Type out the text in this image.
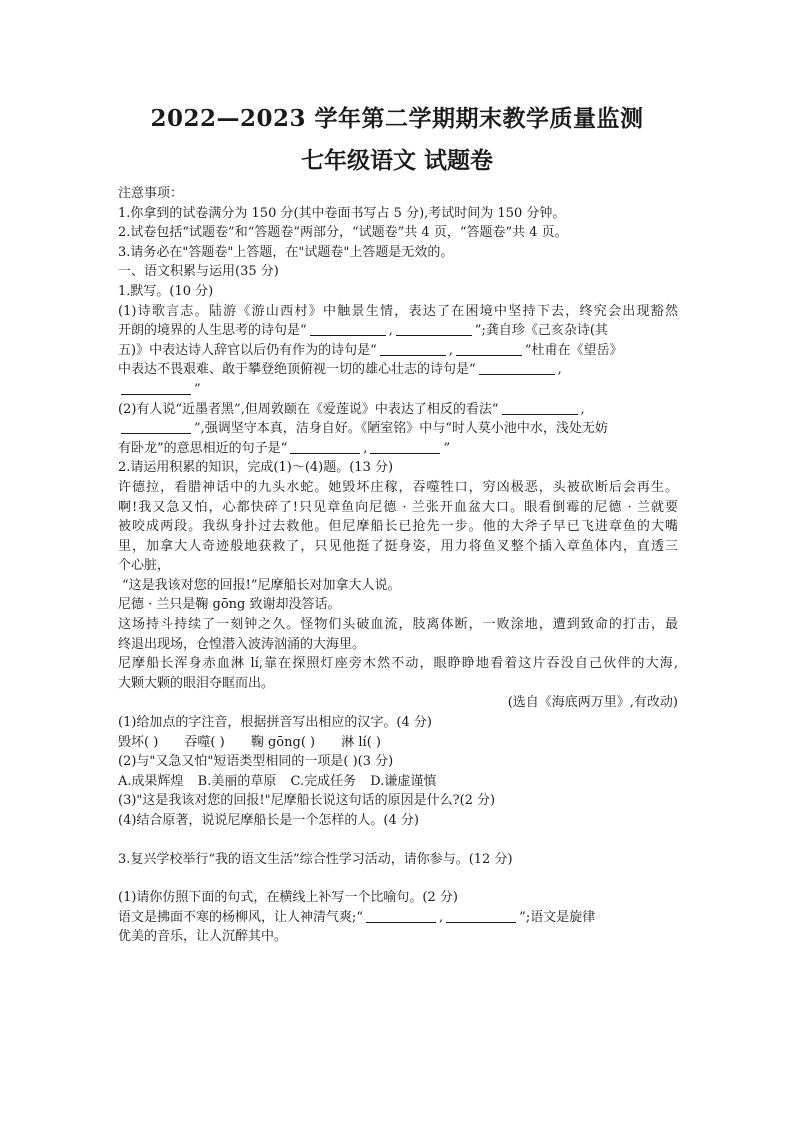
2022—2023 学年第二学期期末教学质量监测
七年级语文 试题卷

注意事项：

1.你拿到的试卷满分为 150 分(其中卷面书写占 5 分),考试时间为 150 分钟。

2.试卷包括“试题卷”和“答题卷”两部分，“试题卷”共 4 页，“答题卷”共 4 页。

3.请务必在"答题卷"上答题，在"试题卷"上答题是无效的。

一、语文积累与运用(35 分)

1.默写。(10 分)

(1)诗歌言志。陆游《游山西村》中触景生情，表达了在困境中坚持下去，终究会出现豁然

开朗的境界的人生思考的诗句是“	,	”;龚自珍《己亥杂诗(其

五)》中表达诗人辞官以后仍有作为的诗句是“	,	”杜甫在《望岳》

中表达不畏艰难、敢于攀登绝顶俯视一切的雄心壮志的诗句是“	,

”

(2)有人说“近墨者黑”,但周敦颐在《爱莲说》中表达了相反的看法“	,

”,强调坚守本真，洁身自好。《陋室铭》中与“时人莫小池中水，浅处无妨

有卧龙”的意思相近的句子是“	,	”

2.请运用积累的知识，完成(1)～(4)题。(13 分)

许德拉，看腊神话中的九头水蛇。她毁坏庄稼，吞噬牲口，穷凶极恶，头被砍断后会再生。

啊!我又急又怕，心都快碎了!只见章鱼向尼德 · 兰张开血盆大口。眼看倒霉的尼德 · 兰就要

被咬成两段。我纵身扑过去救他。但尼摩船长已抢先一步。他的大斧子早已飞进章鱼的大嘴

里，加拿大人奇迹般地获救了，只见他挺了挺身姿，用力将鱼叉整个插入章鱼体内，直透三

个心脏，

“这是我该对您的回报!”尼摩船长对加拿大人说。

尼德 · 兰只是鞠 gōng 致谢却没答话。

这场持斗持续了一刻钟之久。怪物们头破血流，肢离体断，一败涂地，遭到致命的打击，最

终退出现场，仓惶潜入波涛汹涌的大海里。

尼摩船长浑身赤血淋 lí,靠在探照灯座旁木然不动，眼睁睁地看着这片吞没自己伙伴的大海,

大颗大颗的眼泪夺眶而出。

(选自《海底两万里》,有改动)

(1)给加点的字注音，根据拼音写出相应的汉字。(4 分)

毁坏( ) 吞噬( ) 鞠 gōng( ) 淋 lí( )

(2)与"又急又怕"短语类型相同的一项是( )(3 分)

A.成果辉煌 B.美丽的草原 C.完成任务 D.谦虚谨慎

(3)"这是我该对您的回报!"尼摩船长说这句话的原因是什么?(2 分)

(4)结合原著，说说尼摩船长是一个怎样的人。(4 分)

3.复兴学校举行“我的语文生活”综合性学习活动，请你参与。(12 分)

(1)请你仿照下面的句式，在横线上补写一个比喻句。(2 分)

语文是拂面不寒的杨柳风，让人神清气爽;“	,	”;语文是旋律

优美的音乐，让人沉醉其中。
